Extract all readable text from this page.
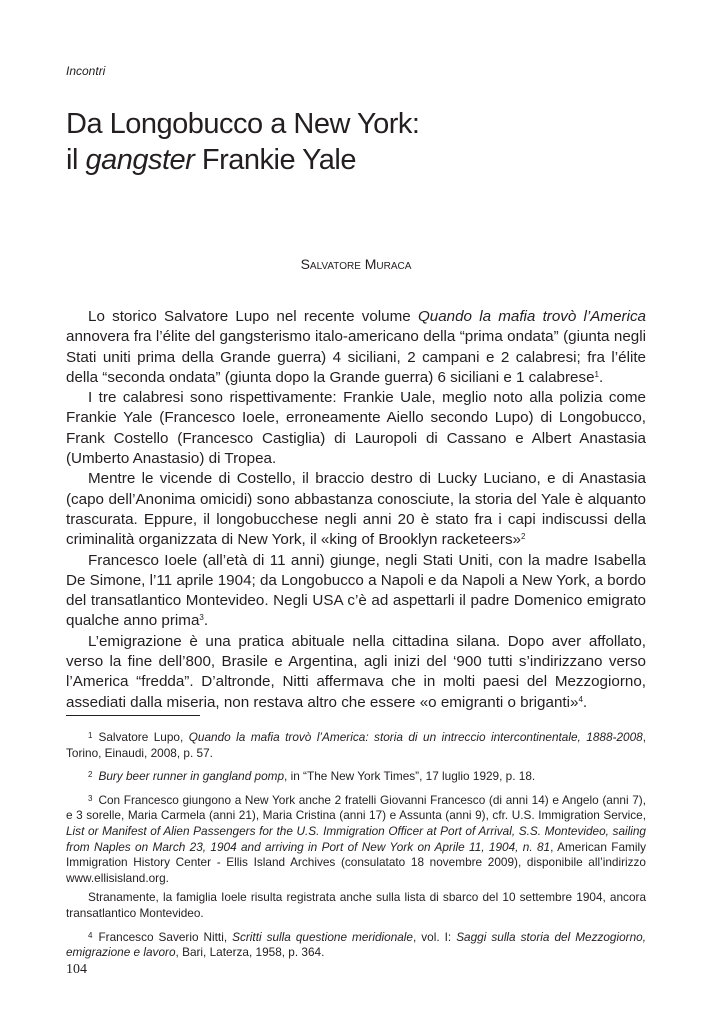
Incontri
Da Longobucco a New York:
il gangster Frankie Yale
Salvatore Muraca

Lo storico Salvatore Lupo nel recente volume Quando la mafia trovò l’America annovera fra l’élite del gangsterismo italo-americano della “prima ondata” (giunta negli Stati uniti prima della Grande guerra) 4 siciliani, 2 campani e 2 calabresi; fra l’élite della “seconda ondata” (giunta dopo la Grande guerra) 6 siciliani e 1 calabrese$^1$.

I tre calabresi sono rispettivamente: Frankie Uale, meglio noto alla polizia come Frankie Yale (Francesco Ioele, erroneamente Aiello secondo Lupo) di Longobucco, Frank Costello (Francesco Castiglia) di Lauropoli di Cassano e Albert Anastasia (Umberto Anastasio) di Tropea.

Mentre le vicende di Costello, il braccio destro di Lucky Luciano, e di Anastasia (capo dell’Anonima omicidi) sono abbastanza conosciute, la storia del Yale è alquanto trascurata. Eppure, il longobucchese negli anni 20 è stato fra i capi indiscussi della criminalità organizzata di New York, il «king of Brooklyn racketeers»$^2$

Francesco Ioele (all’età di 11 anni) giunge, negli Stati Uniti, con la madre Isabella De Simone, l’11 aprile 1904; da Longobucco a Napoli e da Napoli a New York, a bordo del transatlantico Montevideo. Negli USA c’è ad aspettarli il padre Domenico emigrato qualche anno prima$^3$.

L’emigrazione è una pratica abituale nella cittadina silana. Dopo aver affollato, verso la fine dell’800, Brasile e Argentina, agli inizi del ‘900 tutti s’indirizzano verso l’America “fredda”. D’altronde, Nitti affermava che in molti paesi del Mezzogiorno, assediati dalla miseria, non restava altro che essere «o emigranti o briganti»$^4$.

$^1$ Salvatore Lupo, Quando la mafia trovò l’America: storia di un intreccio intercontinentale, 1888-2008, Torino, Einaudi, 2008, p. 57.

$^2$ Bury beer runner in gangland pomp, in “The New York Times”, 17 luglio 1929, p. 18.

$^3$ Con Francesco giungono a New York anche 2 fratelli Giovanni Francesco (di anni 14) e Angelo (anni 7), e 3 sorelle, Maria Carmela (anni 21), Maria Cristina (anni 17) e Assunta (anni 9), cfr. U.S. Immigration Service, List or Manifest of Alien Passengers for the U.S. Immigration Officer at Port of Arrival, S.S. Montevideo, sailing from Naples on March 23, 1904 and arriving in Port of New York on Aprile 11, 1904, n. 81, American Family Immigration History Center - Ellis Island Archives (consulatato 18 novembre 2009), disponibile all’indirizzo www.ellisisland.org.

Stranamente, la famiglia Ioele risulta registrata anche sulla lista di sbarco del 10 settembre 1904, ancora transatlantico Montevideo.

$^4$ Francesco Saverio Nitti, Scritti sulla questione meridionale, vol. I: Saggi sulla storia del Mezzogiorno, emigrazione e lavoro, Bari, Laterza, 1958, p. 364.

104
